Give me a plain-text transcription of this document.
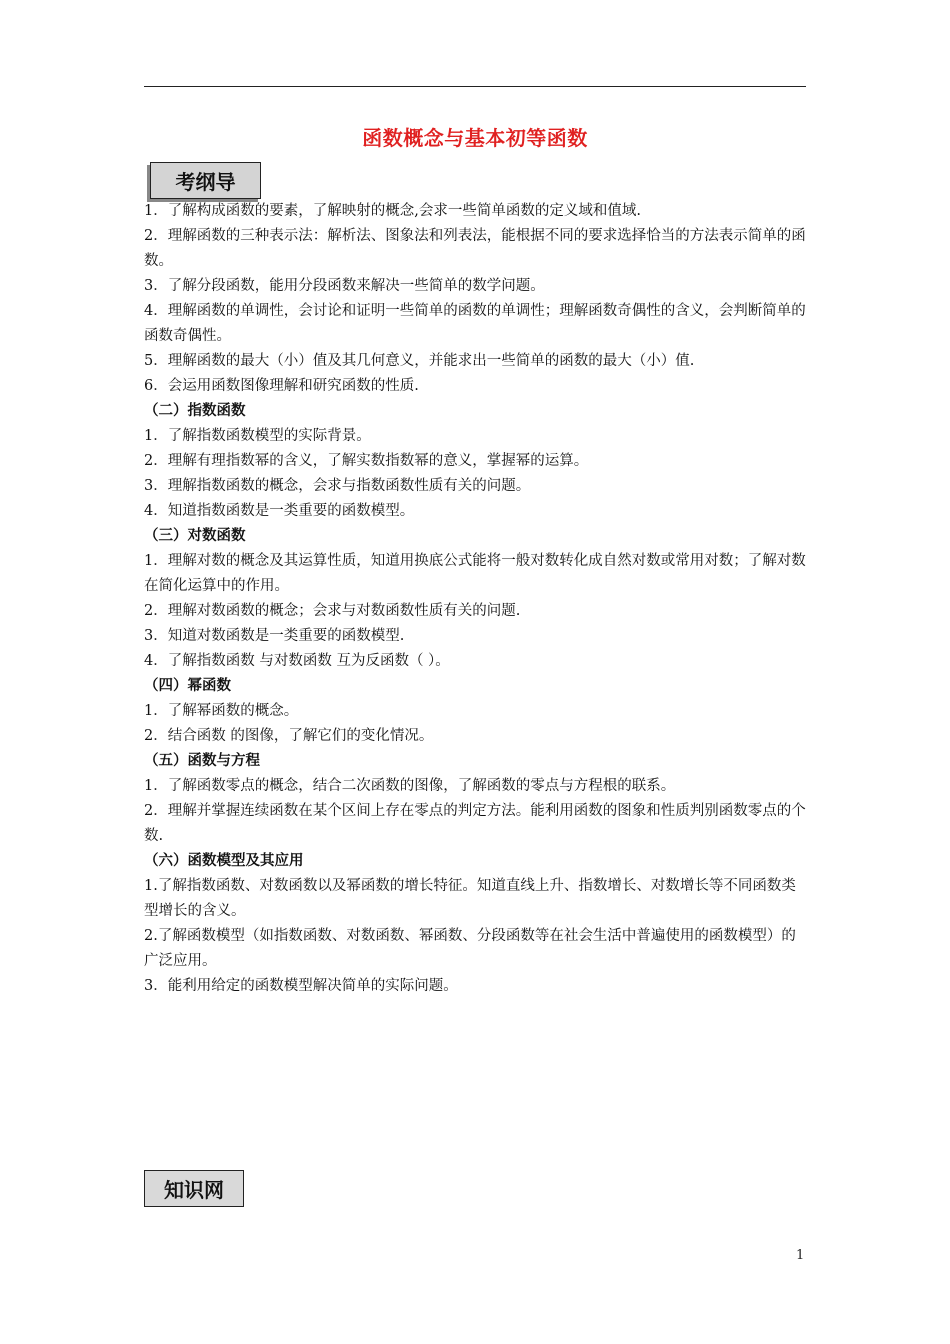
函数概念与基本初等函数
考纲导

1．了解构成函数的要素，了解映射的概念,会求一些简单函数的定义域和值域.

2．理解函数的三种表示法：解析法、图象法和列表法，能根据不同的要求选择恰当的方法表示简单的函数。

3．了解分段函数，能用分段函数来解决一些简单的数学问题。

4．理解函数的单调性，会讨论和证明一些简单的函数的单调性；理解函数奇偶性的含义，会判断简单的函数奇偶性。

5．理解函数的最大（小）值及其几何意义，并能求出一些简单的函数的最大（小）值.

6．会运用函数图像理解和研究函数的性质.

（二）指数函数

1．了解指数函数模型的实际背景。

2．理解有理指数幂的含义，了解实数指数幂的意义，掌握幂的运算。

3．理解指数函数的概念，会求与指数函数性质有关的问题。

4．知道指数函数是一类重要的函数模型。

（三）对数函数

1．理解对数的概念及其运算性质，知道用换底公式能将一般对数转化成自然对数或常用对数；了解对数在简化运算中的作用。

2．理解对数函数的概念；会求与对数函数性质有关的问题.

3．知道对数函数是一类重要的函数模型.

4．了解指数函数 与对数函数 互为反函数（ ）。

（四）幂函数

1．了解幂函数的概念。

2．结合函数 的图像，了解它们的变化情况。

（五）函数与方程

1．了解函数零点的概念，结合二次函数的图像，了解函数的零点与方程根的联系。

2．理解并掌握连续函数在某个区间上存在零点的判定方法。能利用函数的图象和性质判别函数零点的个数.

（六）函数模型及其应用

1.了解指数函数、对数函数以及幂函数的增长特征。知道直线上升、指数增长、对数增长等不同函数类型增长的含义。

2.了解函数模型（如指数函数、对数函数、幂函数、分段函数等在社会生活中普遍使用的函数模型）的广泛应用。

3．能利用给定的函数模型解决简单的实际问题。

知识网
1
